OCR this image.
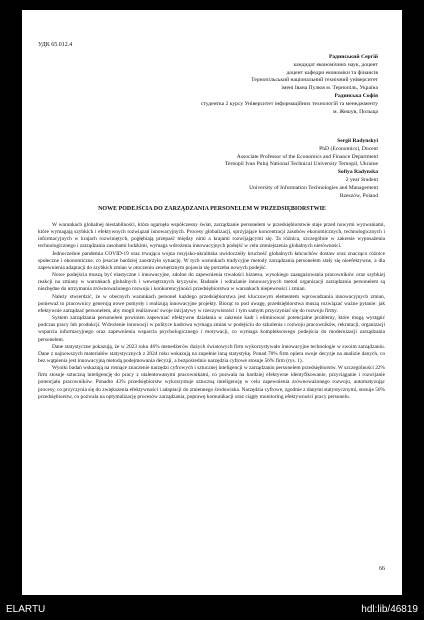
УДК 65.012.4
Радинський Сергій
кандидат економічних наук, доцент
доцент кафедри економіки та фінансів
Тернопільський національний технічний університет
імені Івана Пулюя м. Тернопіль, Україна
Радинська Софія
студентка 2 курсу Університет інформаційних технологій та менеджменту
м. Жешув, Польща
Sergii Radynskyi
PhD (Economics), Docent
Associate Professor of the Economics and Finance Department
Ternopil Ivan Puluj National Technical University Ternopil, Ukraine
Sofiya Radynska
2 year Student
University of Information Technologies and Management
Rzeszów, Poland
NOWE PODEJŚCIA DO ZARZĄDZANIA PERSONELEM W PRZEDSIĘBIORSTWIE

W warunkach globalnej niestabilności, która ogarnęła współczesny świat, zarządzanie personelem w przedsiębiorstwie staje przed nowymi wyzwaniami, które wymagają szybkich i efektywnych rozwiązań innowacyjnych. Procesy globalizacji, sprzyjające koncentracji zasobów ekonomicznych, technologicznych i informacyjnych w krajach rozwiniętych, pogłębiają przepaść między nimi a krajami rozwijającymi się. Ta różnica, szczególnie w zakresie wyposażenia technologicznego i zarządzania zasobami ludzkimi, wymaga wdrożenia innowacyjnych podejść w celu zmniejszenia globalnych nierówności.

Jednocześnie pandemia COVID-19 oraz trwająca wojna rosyjsko-ukraińska uwidoczniły kruchość globalnych łańcuchów dostaw oraz znacząco różnice społeczne i ekonomiczne, co jeszcze bardziej zaostrzyło sytuację. W tych warunkach tradycyjne metody zarządzania personelem stały się nieefektywne, a dla zapewnienia adaptacji do szybkich zmian w otoczeniu zewnętrznym pojawia się potrzeba nowych podejść.

Nowe podejścia muszą być elastyczne i innowacyjne, zdolne do zapewnienia trwałości biznesu, wysokiego zaangażowania pracowników oraz szybkiej reakcji na zmiany w warunkach globalnych i wewnętrznych kryzysów. Badanie i wdrażanie innowacyjnych metod organizacji zarządzania personelem są niezbędne do utrzymania zrównoważonego rozwoju i konkurencyjności przedsiębiorstwa w warunkach niepewności i zmian.

Należy stwierdzić, że w obecnych warunkach personel każdego przedsiębiorstwa jest kluczowym elementem wprowadzania innowacyjnych zmian, ponieważ to pracownicy generują nowe pomysły i realizują innowacyjne projekty. Biorąc to pod uwagę, przedsiębiorstwa muszą rozwiązać ważne pytanie: jak efektywnie zarządzać personelem, aby mogli realizować swoje inicjatywy w rzeczywistości i tym samym przyczyniać się do rozwoju firmy.

System zarządzania personelem powinien zapewniać efektywne działania w zakresie kadr i eliminować potencjalne problemy, które mogą wystąpić podczas pracy lub produkcji. Wdrożenie innowacji w polityce kadrowa wymaga zmian w podejściu do szkolenia i rozwoju pracowników, rekrutacji, organizacji wsparcia informacyjnego oraz zapewnienia wsparcia psychologicznego i motywacji, co wymaga kompleksowego podejścia do modernizacji zarządzania personelem.

Dane statystyczne pokazują, że w 2023 roku 46% menedżerów dużych światowych firm wykorzystywało innowacyjne technologie w swoim zarządzaniu. Dane z najnowszych materiałów statystycznych z 2024 roku wskazują na zupełnie inną statystykę. Ponad 70% firm opiera swoje decyzje na analizie danych, co bez wątpienia jest innowacyjną metodą podejmowania decyzji, a bezpośrednio narzędzia cyfrowe stosuje 56% firm (rys. 1).

Wyniki badań wskazują na rosnące znaczenie narzędzi cyfrowych i sztucznej inteligencji w zarządzaniu personelem przedsiębiorstw. W szczególności 22% firm stosuje sztuczną inteligencję do pracy z utalentowanymi pracownikami, co pozwala na bardziej efektywne identyfikowanie, przyciąganie i rozwijanie potencjału pracowników. Ponadto 43% przedsiębiorstw wykorzystuje sztuczną inteligencję w celu zapewnienia zrównoważonego rozwoju, automatyzując procesy, co przyczynia się do zwiększenia efektywności i adaptacji do zmiennego środowiska. Narzędzia cyfrowe, zgodnie z danymi statystycznymi, stosuje 56% przedsiębiorstw, co pozwala na optymalizację procesów zarządzania, poprawę komunikacji oraz ciągły monitoring efektywności pracy personelu.

66
ELARTU	hdl:lib/46819
